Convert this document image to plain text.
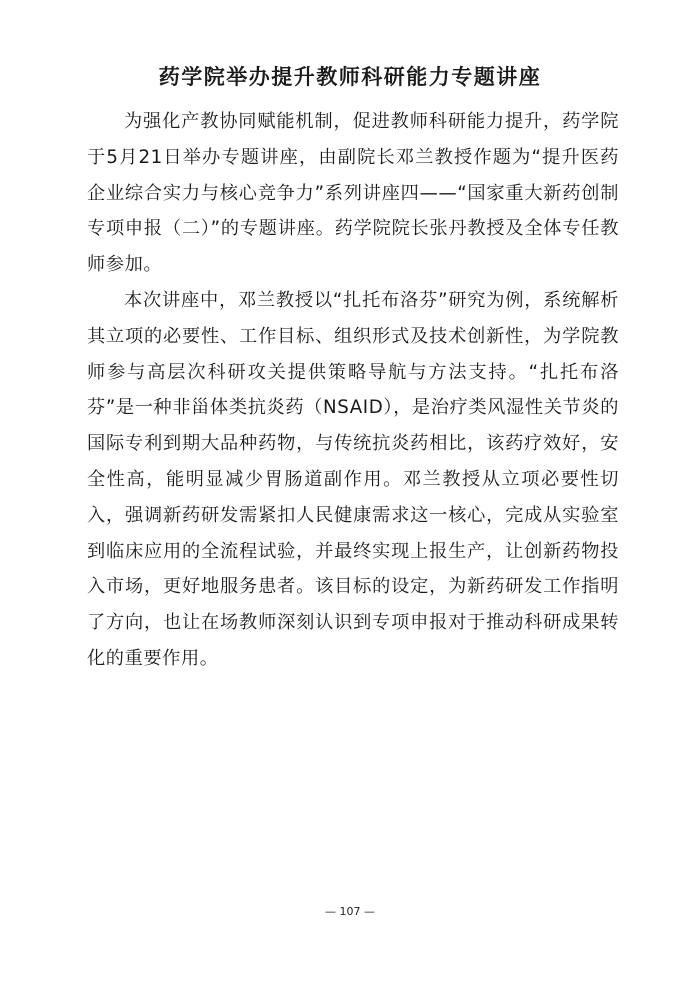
药学院举办提升教师科研能力专题讲座

为强化产教协同赋能机制，促进教师科研能力提升，药学院于5月21日举办专题讲座，由副院长邓兰教授作题为“提升医药企业综合实力与核心竞争力”系列讲座四——“国家重大新药创制专项申报（二）”的专题讲座。药学院院长张丹教授及全体专任教师参加。

本次讲座中，邓兰教授以“扎托布洛芬”研究为例，系统解析其立项的必要性、工作目标、组织形式及技术创新性，为学院教师参与高层次科研攻关提供策略导航与方法支持。“扎托布洛芬”是一种非甾体类抗炎药（NSAID），是治疗类风湿性关节炎的国际专利到期大品种药物，与传统抗炎药相比，该药疗效好，安全性高，能明显减少胃肠道副作用。邓兰教授从立项必要性切入，强调新药研发需紧扣人民健康需求这一核心，完成从实验室到临床应用的全流程试验，并最终实现上报生产，让创新药物投入市场，更好地服务患者。该目标的设定，为新药研发工作指明了方向，也让在场教师深刻认识到专项申报对于推动科研成果转化的重要作用。

— 107 —
